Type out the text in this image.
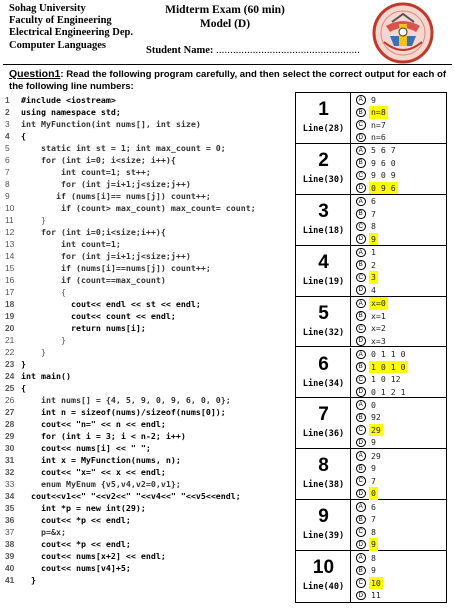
Sohag University
Faculty of Engineering
Electrical Engineering Dep.
Computer Languages
Midterm Exam (60 min)
Model (D)
Student Name: ...................................................
Question1: Read the following program carefully, and then select the correct output for each of the following line numbers:
1 #include <iostream>
2 using namespace std;
3 int MyFunction(int nums[], int size)
4 {
5    static int st = 1; int max_count = 0;
6    for (int i=0; i<size; i++){
7        int count=1; st++;
8        for (int j=i+1;j<size;j++)
9       if (nums[i]== nums[j]) count++;
10        if (count> max_count) max_count= count;
11    }
12    for (int i=0;i<size;i++){
13        int count=1;
14        for (int j=i+1;j<size;j++)
15        if (nums[i]==nums[j]) count++;
16        if (count==max_count)
17        {
18          cout<< endl << st << endl;
19          cout<< count << endl;
20          return nums[i];
21        }
22    }
23 }
24 int main()
25 {
26    int nums[] = {4, 5, 9, 0, 9, 6, 0, 0};
27    int n = sizeof(nums)/sizeof(nums[0]);
28    cout<< "n=" << n << endl;
29    for (int i = 3; i < n-2; i++)
30    cout<< nums[i] << " ";
31    int x = MyFunction(nums, n);
32    cout<< "x=" << x << endl;
33    enum MyEnum {v5,v4,v2=0,v1};
34  cout<<v1<<" "<<v2<<" "<<v4<<" "<<v5<<endl;
35    int *p = new int(29);
36    cout<< *p << endl;
37    p=&x;
38    cout<< *p << endl;
39    cout<< nums[x+2] << endl;
40    cout<< nums[v4]+5;
41  }
1
Line(28)
A 9
B n=8
C n=7
D n=6
2
Line(30)
A 5 6 7
B 9 6 0
C 9 0 9
D 0 9 6
3
Line(18)
A 6
B 7
C 8
D 9
4
Line(19)
A 1
B 2
C 3
D 4
5
Line(32)
A x=0
B x=1
C x=2
D x=3
6
Line(34)
A 0 1 1 0
B 1 0 1 0
C 1 0 12
D 0 1 2 1
7
Line(36)
A 0
B 92
C 29
D 9
8
Line(38)
A 29
B 9
C 7
D 0
9
Line(39)
A 6
B 7
C 8
D 9
10
Line(40)
A 8
B 9
C 10
D 11
